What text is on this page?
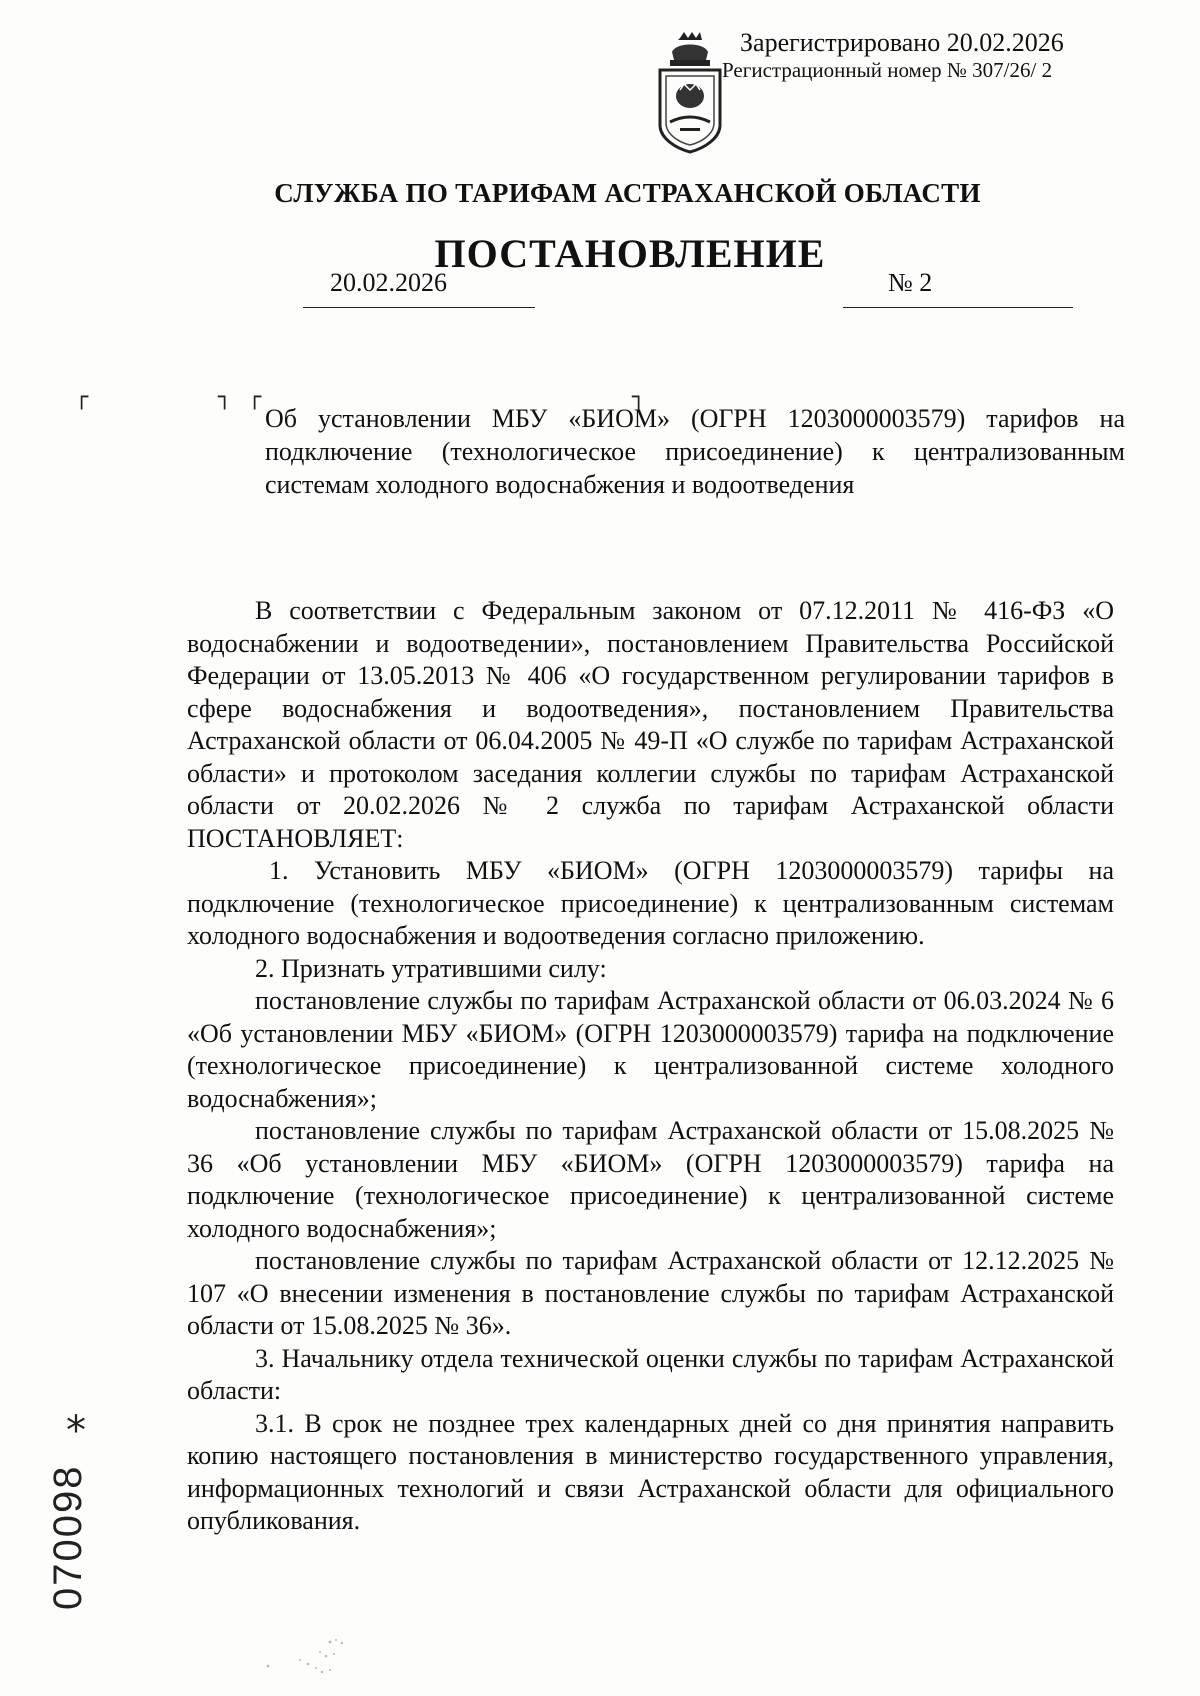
Зарегистрировано 20.02.2026
Регистрационный номер № 307/26/ 2
СЛУЖБА ПО ТАРИФАМ АСТРАХАНСКОЙ ОБЛАСТИ
ПОСТАНОВЛЕНИЕ
20.02.2026	№ 2
┌	┐ ┌	┐
Об установлении МБУ «БИОМ» (ОГРН 1203000003579) тарифов на подключение (технологическое присоединение) к централизованным системам холодного водоснабжения и водоотведения

В соответствии с Федеральным законом от 07.12.2011 № 416-ФЗ «О водоснабжении и водоотведении», постановлением Правительства Российской Федерации от 13.05.2013 № 406 «О государственном регулировании тарифов в сфере водоснабжения и водоотведения», постановлением Правительства Астраханской области от 06.04.2005 № 49-П «О службе по тарифам Астраханской области» и протоколом заседания коллегии службы по тарифам Астраханской области от 20.02.2026 № 2 служба по тарифам Астраханской области ПОСТАНОВЛЯЕТ:

1. Установить МБУ «БИОМ» (ОГРН 1203000003579) тарифы на подключение (технологическое присоединение) к централизованным системам холодного водоснабжения и водоотведения согласно приложению.

2. Признать утратившими силу:

постановление службы по тарифам Астраханской области от 06.03.2024 № 6 «Об установлении МБУ «БИОМ» (ОГРН 1203000003579) тарифа на подключение (технологическое присоединение) к централизованной системе холодного водоснабжения»;

постановление службы по тарифам Астраханской области от 15.08.2025 № 36 «Об установлении МБУ «БИОМ» (ОГРН 1203000003579) тарифа на подключение (технологическое присоединение) к централизованной системе холодного водоснабжения»;

постановление службы по тарифам Астраханской области от 12.12.2025 № 107 «О внесении изменения в постановление службы по тарифам Астраханской области от 15.08.2025 № 36».

3. Начальнику отдела технической оценки службы по тарифам Астраханской области:

3.1. В срок не позднее трех календарных дней со дня принятия направить копию настоящего постановления в министерство государственного управления, информационных технологий и связи Астраханской области для официального опубликования.

*
070098
